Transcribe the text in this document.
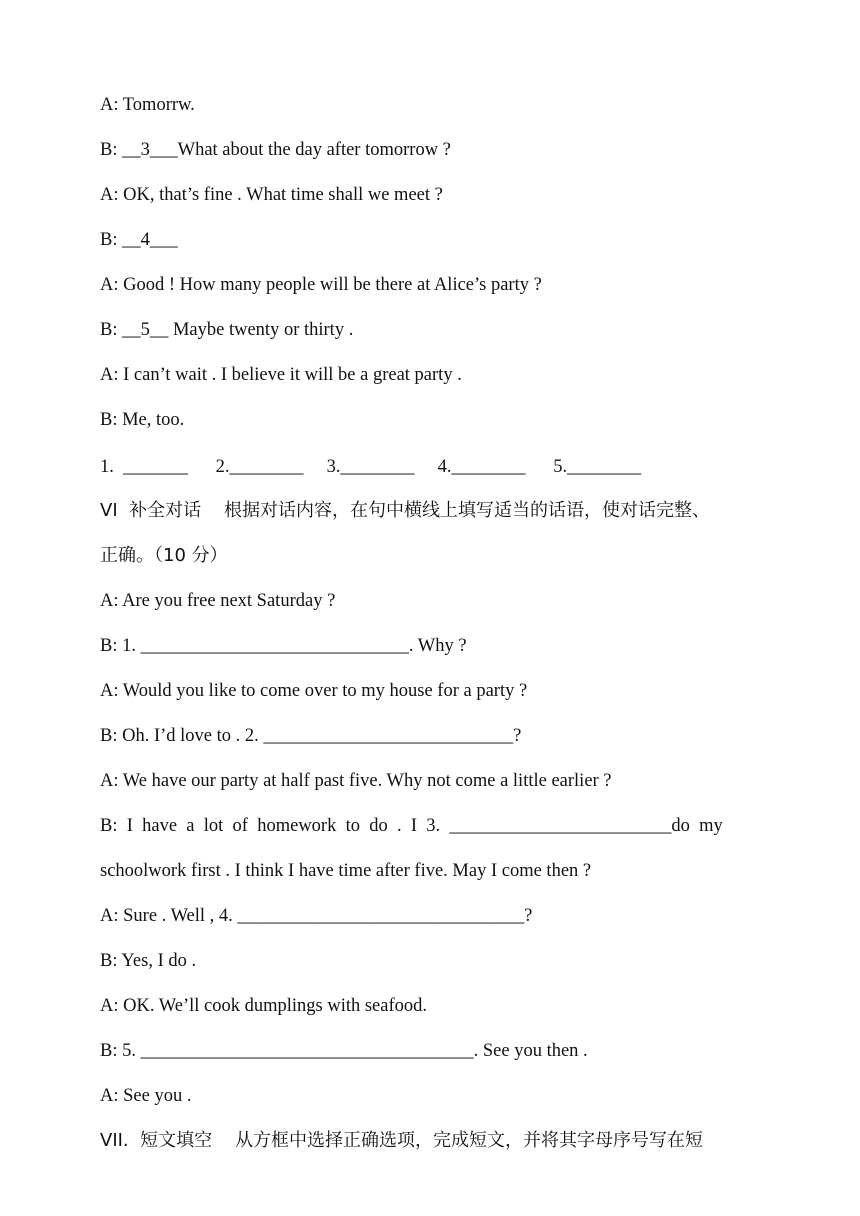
A: Tomorrw.
B: __3___What about the day after tomorrow ?
A: OK, that’s fine . What time shall we meet ?
B: __4___
A: Good ! How many people will be there at Alice’s party ?
B: __5__ Maybe twenty or thirty .
A: I can’t wait . I believe it will be a great party .
B: Me, too.
1.  _______      2.________     3.________     4.________      5.________
VI  补全对话    根据对话内容，在句中横线上填写适当的话语，使对话完整、
正确。（10 分）
A: Are you free next Saturday ?
B: 1. _____________________________. Why ?
A: Would you like to come over to my house for a party ?
B: Oh. I’d love to . 2. ___________________________?
A: We have our party at half past five. Why not come a little earlier ?
B:  I  have  a  lot  of  homework  to  do  .  I  3.  ________________________do  my
schoolwork first . I think I have time after five. May I come then ?
A: Sure . Well , 4. _______________________________?
B: Yes, I do .
A: OK. We’ll cook dumplings with seafood.
B: 5. ____________________________________. See you then .
A: See you .
VII.  短文填空    从方框中选择正确选项，完成短文，并将其字母序号写在短
